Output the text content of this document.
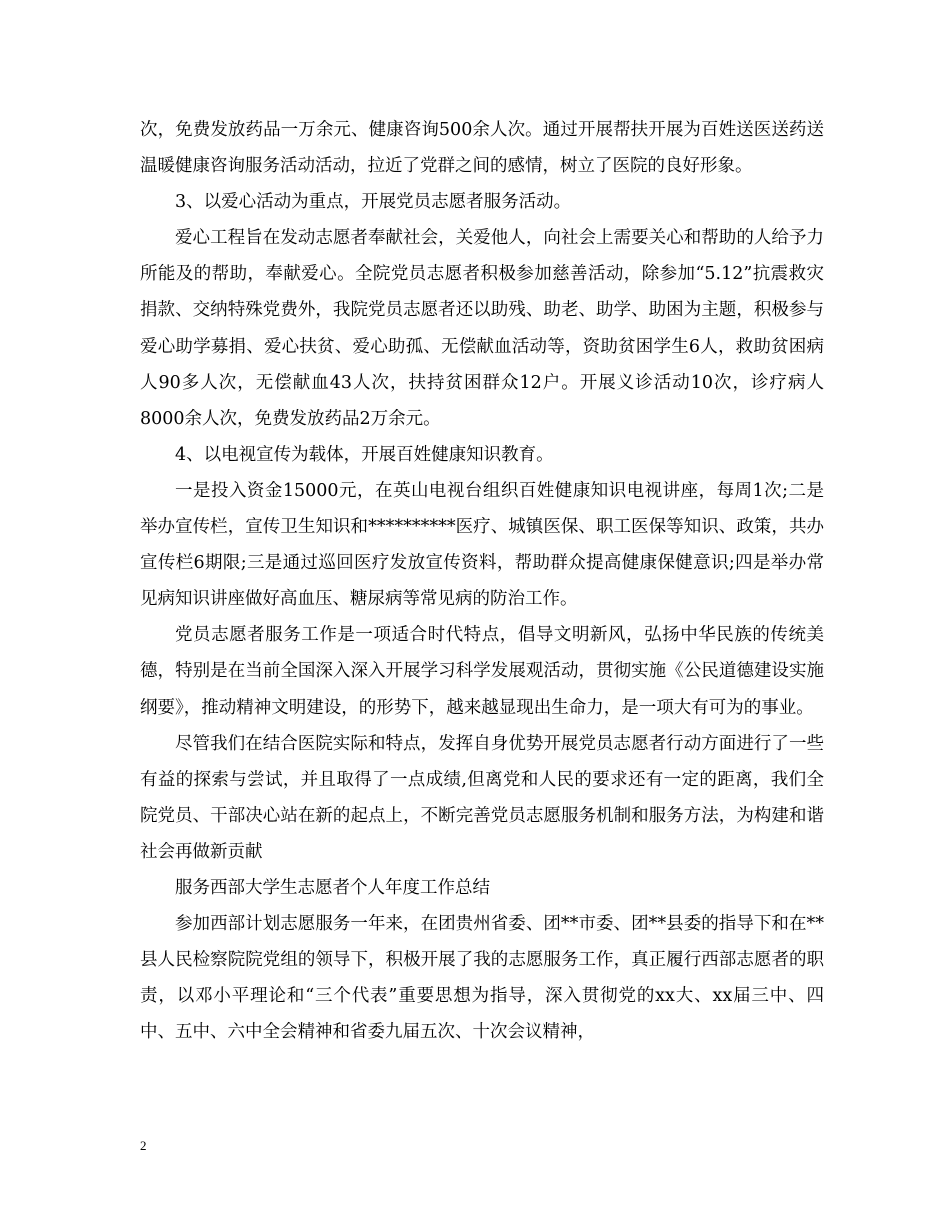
次，免费发放药品一万余元、健康咨询500余人次。通过开展帮扶开展为百姓送医送药送温暖健康咨询服务活动活动，拉近了党群之间的感情，树立了医院的良好形象。

3、以爱心活动为重点，开展党员志愿者服务活动。

爱心工程旨在发动志愿者奉献社会，关爱他人，向社会上需要关心和帮助的人给予力所能及的帮助，奉献爱心。全院党员志愿者积极参加慈善活动，除参加“5.12”抗震救灾捐款、交纳特殊党费外，我院党员志愿者还以助残、助老、助学、助困为主题，积极参与爱心助学募捐、爱心扶贫、爱心助孤、无偿献血活动等，资助贫困学生6人，救助贫困病人90多人次，无偿献血43人次，扶持贫困群众12户。开展义诊活动10次，诊疗病人8000余人次，免费发放药品2万余元。

4、以电视宣传为载体，开展百姓健康知识教育。

一是投入资金15000元，在英山电视台组织百姓健康知识电视讲座，每周1次;二是举办宣传栏，宣传卫生知识和**********医疗、城镇医保、职工医保等知识、政策，共办宣传栏6期限;三是通过巡回医疗发放宣传资料，帮助群众提高健康保健意识;四是举办常见病知识讲座做好高血压、糖尿病等常见病的防治工作。

党员志愿者服务工作是一项适合时代特点，倡导文明新风，弘扬中华民族的传统美德，特别是在当前全国深入深入开展学习科学发展观活动，贯彻实施《公民道德建设实施纲要》，推动精神文明建设，的形势下，越来越显现出生命力，是一项大有可为的事业。

尽管我们在结合医院实际和特点，发挥自身优势开展党员志愿者行动方面进行了一些有益的探索与尝试，并且取得了一点成绩,但离党和人民的要求还有一定的距离，我们全院党员、干部决心站在新的起点上，不断完善党员志愿服务机制和服务方法，为构建和谐社会再做新贡献

服务西部大学生志愿者个人年度工作总结

参加西部计划志愿服务一年来，在团贵州省委、团**市委、团**县委的指导下和在**县人民检察院院党组的领导下，积极开展了我的志愿服务工作，真正履行西部志愿者的职责，以邓小平理论和“三个代表”重要思想为指导，深入贯彻党的xx大、xx届三中、四中、五中、六中全会精神和省委九届五次、十次会议精神，

2
